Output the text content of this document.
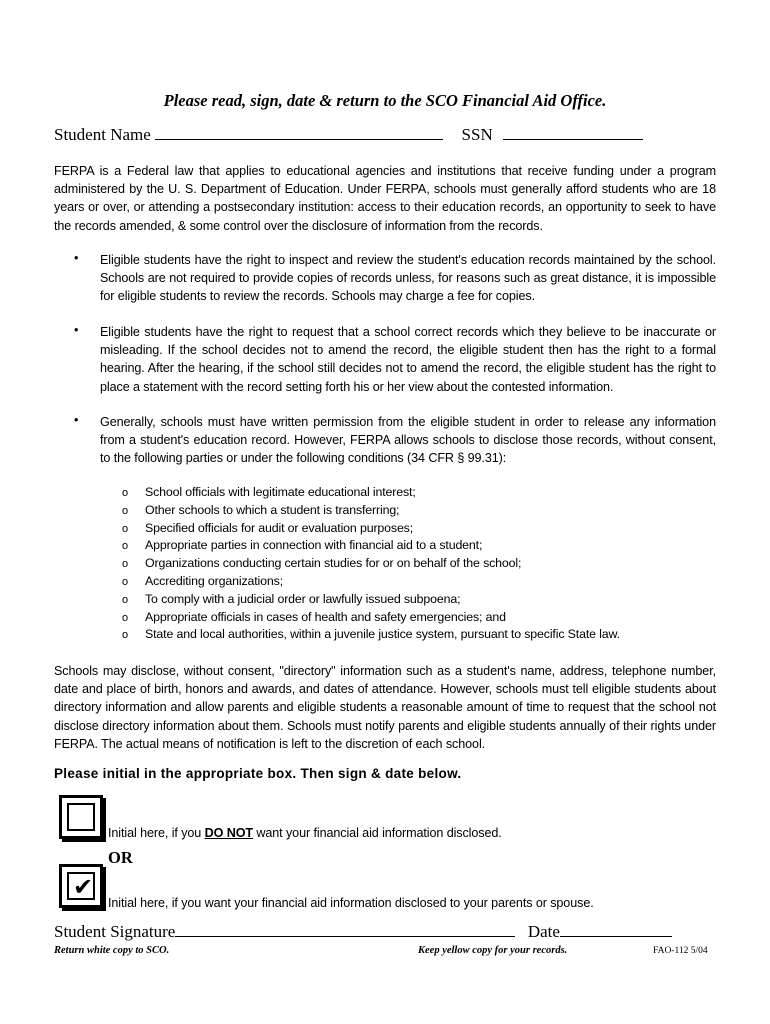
Please read, sign, date & return to the SCO Financial Aid Office.
Student Name	SSN
FERPA is a Federal law that applies to educational agencies and institutions that receive funding under a program administered by the U. S. Department of Education. Under FERPA, schools must generally afford students who are 18 years or over, or attending a postsecondary institution: access to their education records, an opportunity to seek to have the records amended, & some control over the disclosure of information from the records.
• Eligible students have the right to inspect and review the student's education records maintained by the school. Schools are not required to provide copies of records unless, for reasons such as great distance, it is impossible for eligible students to review the records. Schools may charge a fee for copies.
• Eligible students have the right to request that a school correct records which they believe to be inaccurate or misleading. If the school decides not to amend the record, the eligible student then has the right to a formal hearing. After the hearing, if the school still decides not to amend the record, the eligible student has the right to place a statement with the record setting forth his or her view about the contested information.
• Generally, schools must have written permission from the eligible student in order to release any information from a student's education record. However, FERPA allows schools to disclose those records, without consent, to the following parties or under the following conditions (34 CFR § 99.31):
o School officials with legitimate educational interest;
o Other schools to which a student is transferring;
o Specified officials for audit or evaluation purposes;
o Appropriate parties in connection with financial aid to a student;
o Organizations conducting certain studies for or on behalf of the school;
o Accrediting organizations;
o To comply with a judicial order or lawfully issued subpoena;
o Appropriate officials in cases of health and safety emergencies; and
o State and local authorities, within a juvenile justice system, pursuant to specific State law.
Schools may disclose, without consent, "directory" information such as a student's name, address, telephone number, date and place of birth, honors and awards, and dates of attendance. However, schools must tell eligible students about directory information and allow parents and eligible students a reasonable amount of time to request that the school not disclose directory information about them. Schools must notify parents and eligible students annually of their rights under FERPA. The actual means of notification is left to the discretion of each school.
Please initial in the appropriate box. Then sign & date below.
Initial here, if you DO NOT want your financial aid information disclosed.
OR
✔
Initial here, if you want your financial aid information disclosed to your parents or spouse.
Student Signature	Date
Return white copy to SCO.	Keep yellow copy for your records.	FAO-112 5/04
